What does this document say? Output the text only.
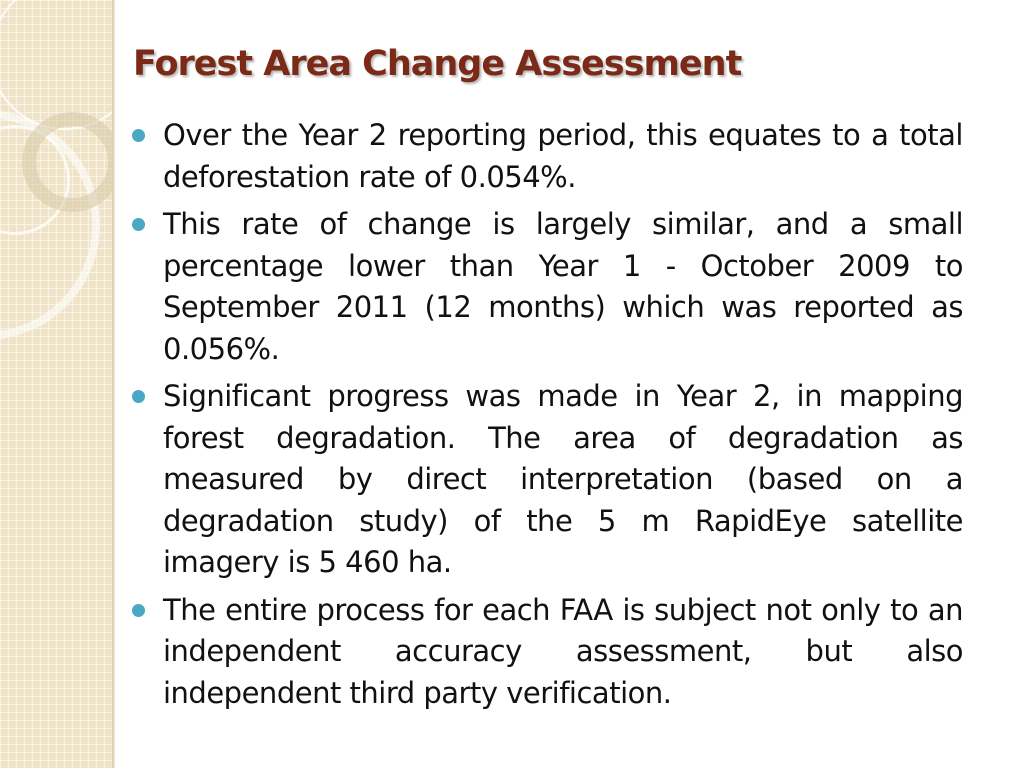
Forest Area Change Assessment
Over the Year 2 reporting period, this equates to a total deforestation rate of 0.054%.
This rate of change is largely similar, and a small percentage lower than Year 1 - October 2009 to September 2011 (12 months) which was reported as 0.056%.
Significant progress was made in Year 2, in mapping forest degradation. The area of degradation as measured by direct interpretation (based on a degradation study) of the 5 m RapidEye satellite imagery is 5 460 ha.
The entire process for each FAA is subject not only to an independent accuracy assessment, but also independent third party verification.
